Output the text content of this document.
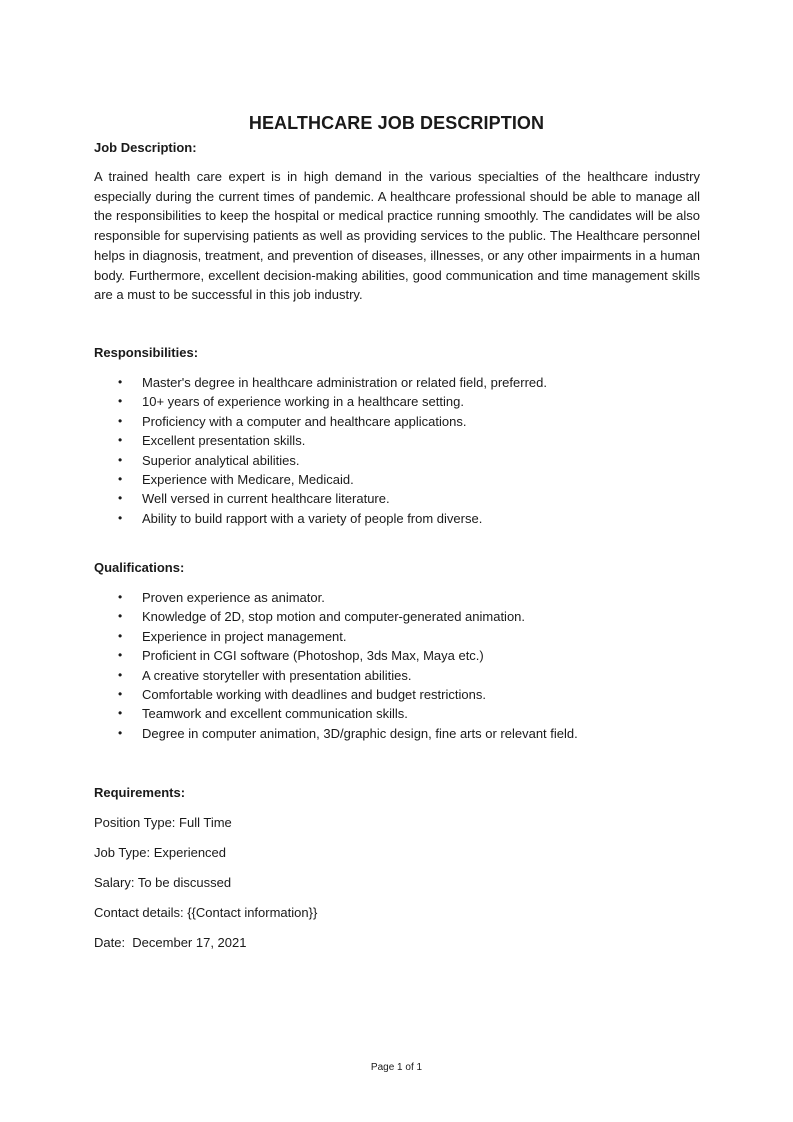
HEALTHCARE JOB DESCRIPTION
Job Description:
A trained health care expert is in high demand in the various specialties of the healthcare industry especially during the current times of pandemic. A healthcare professional should be able to manage all the responsibilities to keep the hospital or medical practice running smoothly. The candidates will be also responsible for supervising patients as well as providing services to the public. The Healthcare personnel helps in diagnosis, treatment, and prevention of diseases, illnesses, or any other impairments in a human body. Furthermore, excellent decision-making abilities, good communication and time management skills are a must to be successful in this job industry.
Responsibilities:
• Master's degree in healthcare administration or related field, preferred.
• 10+ years of experience working in a healthcare setting.
• Proficiency with a computer and healthcare applications.
• Excellent presentation skills.
• Superior analytical abilities.
• Experience with Medicare, Medicaid.
• Well versed in current healthcare literature.
• Ability to build rapport with a variety of people from diverse.
Qualifications:
• Proven experience as animator.
• Knowledge of 2D, stop motion and computer-generated animation.
• Experience in project management.
• Proficient in CGI software (Photoshop, 3ds Max, Maya etc.)
• A creative storyteller with presentation abilities.
• Comfortable working with deadlines and budget restrictions.
• Teamwork and excellent communication skills.
• Degree in computer animation, 3D/graphic design, fine arts or relevant field.
Requirements:
Position Type: Full Time
Job Type: Experienced
Salary: To be discussed
Contact details: {{Contact information}}
Date:  December 17, 2021
Page 1 of 1
